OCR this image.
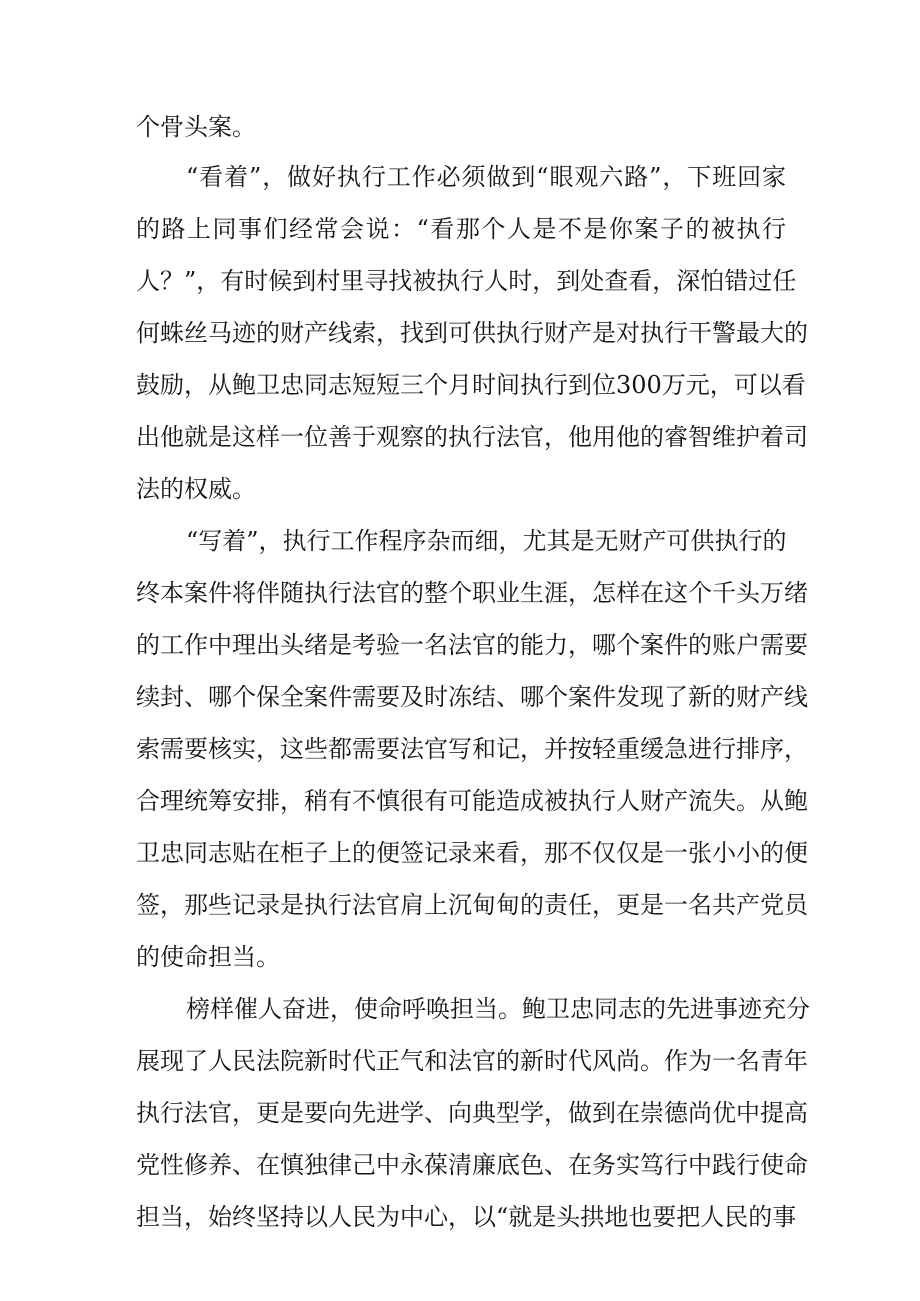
个骨头案。
“看着”，做好执行工作必须做到“眼观六路”，下班回家
的路上同事们经常会说：“看那个人是不是你案子的被执行
人？”，有时候到村里寻找被执行人时，到处查看，深怕错过任
何蛛丝马迹的财产线索，找到可供执行财产是对执行干警最大的
鼓励，从鲍卫忠同志短短三个月时间执行到位300万元，可以看
出他就是这样一位善于观察的执行法官，他用他的睿智维护着司
法的权威。
“写着”，执行工作程序杂而细，尤其是无财产可供执行的
终本案件将伴随执行法官的整个职业生涯，怎样在这个千头万绪
的工作中理出头绪是考验一名法官的能力，哪个案件的账户需要
续封、哪个保全案件需要及时冻结、哪个案件发现了新的财产线
索需要核实，这些都需要法官写和记，并按轻重缓急进行排序，
合理统筹安排，稍有不慎很有可能造成被执行人财产流失。从鲍
卫忠同志贴在柜子上的便签记录来看，那不仅仅是一张小小的便
签，那些记录是执行法官肩上沉甸甸的责任，更是一名共产党员
的使命担当。
榜样催人奋进，使命呼唤担当。鲍卫忠同志的先进事迹充分
展现了人民法院新时代正气和法官的新时代风尚。作为一名青年
执行法官，更是要向先进学、向典型学，做到在崇德尚优中提高
党性修养、在慎独律己中永葆清廉底色、在务实笃行中践行使命
担当，始终坚持以人民为中心，以“就是头拱地也要把人民的事
